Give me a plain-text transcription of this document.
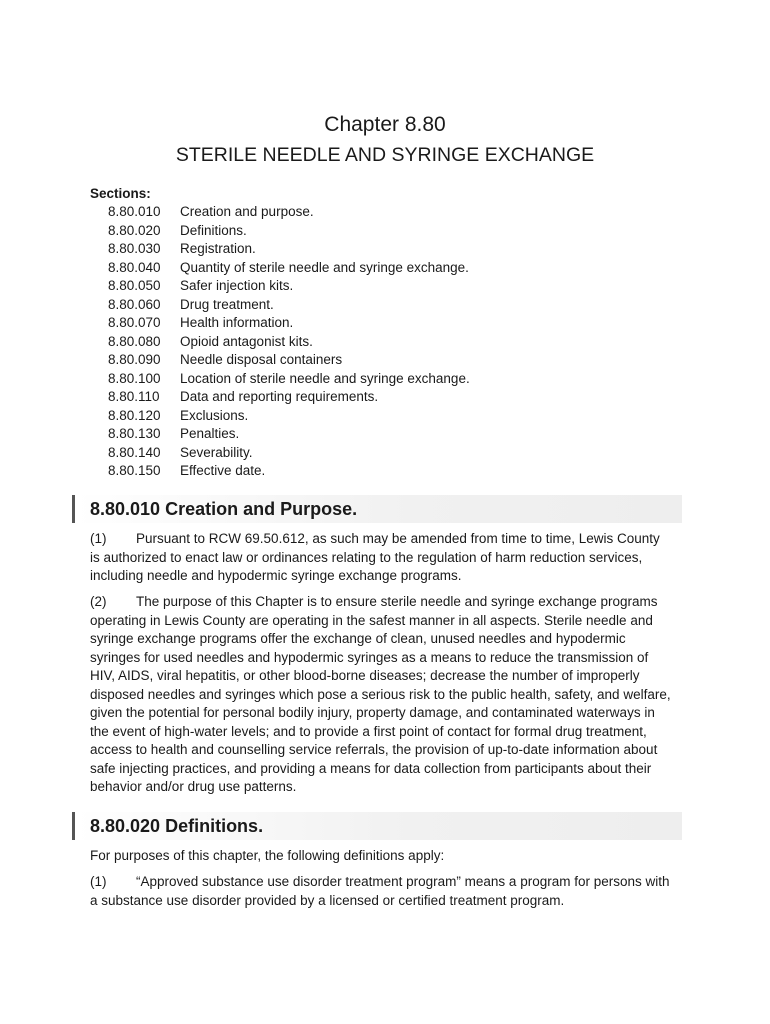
Chapter 8.80
STERILE NEEDLE AND SYRINGE EXCHANGE
Sections:
8.80.010	Creation and purpose.
8.80.020	Definitions.
8.80.030	Registration.
8.80.040	Quantity of sterile needle and syringe exchange.
8.80.050	Safer injection kits.
8.80.060	Drug treatment.
8.80.070	Health information.
8.80.080	Opioid antagonist kits.
8.80.090	Needle disposal containers
8.80.100	Location of sterile needle and syringe exchange.
8.80.110	Data and reporting requirements.
8.80.120	Exclusions.
8.80.130	Penalties.
8.80.140	Severability.
8.80.150	Effective date.
8.80.010 Creation and Purpose.

(1) Pursuant to RCW 69.50.612, as such may be amended from time to time, Lewis County is authorized to enact law or ordinances relating to the regulation of harm reduction services, including needle and hypodermic syringe exchange programs.

(2) The purpose of this Chapter is to ensure sterile needle and syringe exchange programs operating in Lewis County are operating in the safest manner in all aspects. Sterile needle and syringe exchange programs offer the exchange of clean, unused needles and hypodermic syringes for used needles and hypodermic syringes as a means to reduce the transmission of HIV, AIDS, viral hepatitis, or other blood-borne diseases; decrease the number of improperly disposed needles and syringes which pose a serious risk to the public health, safety, and welfare, given the potential for personal bodily injury, property damage, and contaminated waterways in the event of high-water levels; and to provide a first point of contact for formal drug treatment, access to health and counselling service referrals, the provision of up-to-date information about safe injecting practices, and providing a means for data collection from participants about their behavior and/or drug use patterns.

8.80.020 Definitions.

For purposes of this chapter, the following definitions apply:

(1) “Approved substance use disorder treatment program” means a program for persons with a substance use disorder provided by a licensed or certified treatment program.
